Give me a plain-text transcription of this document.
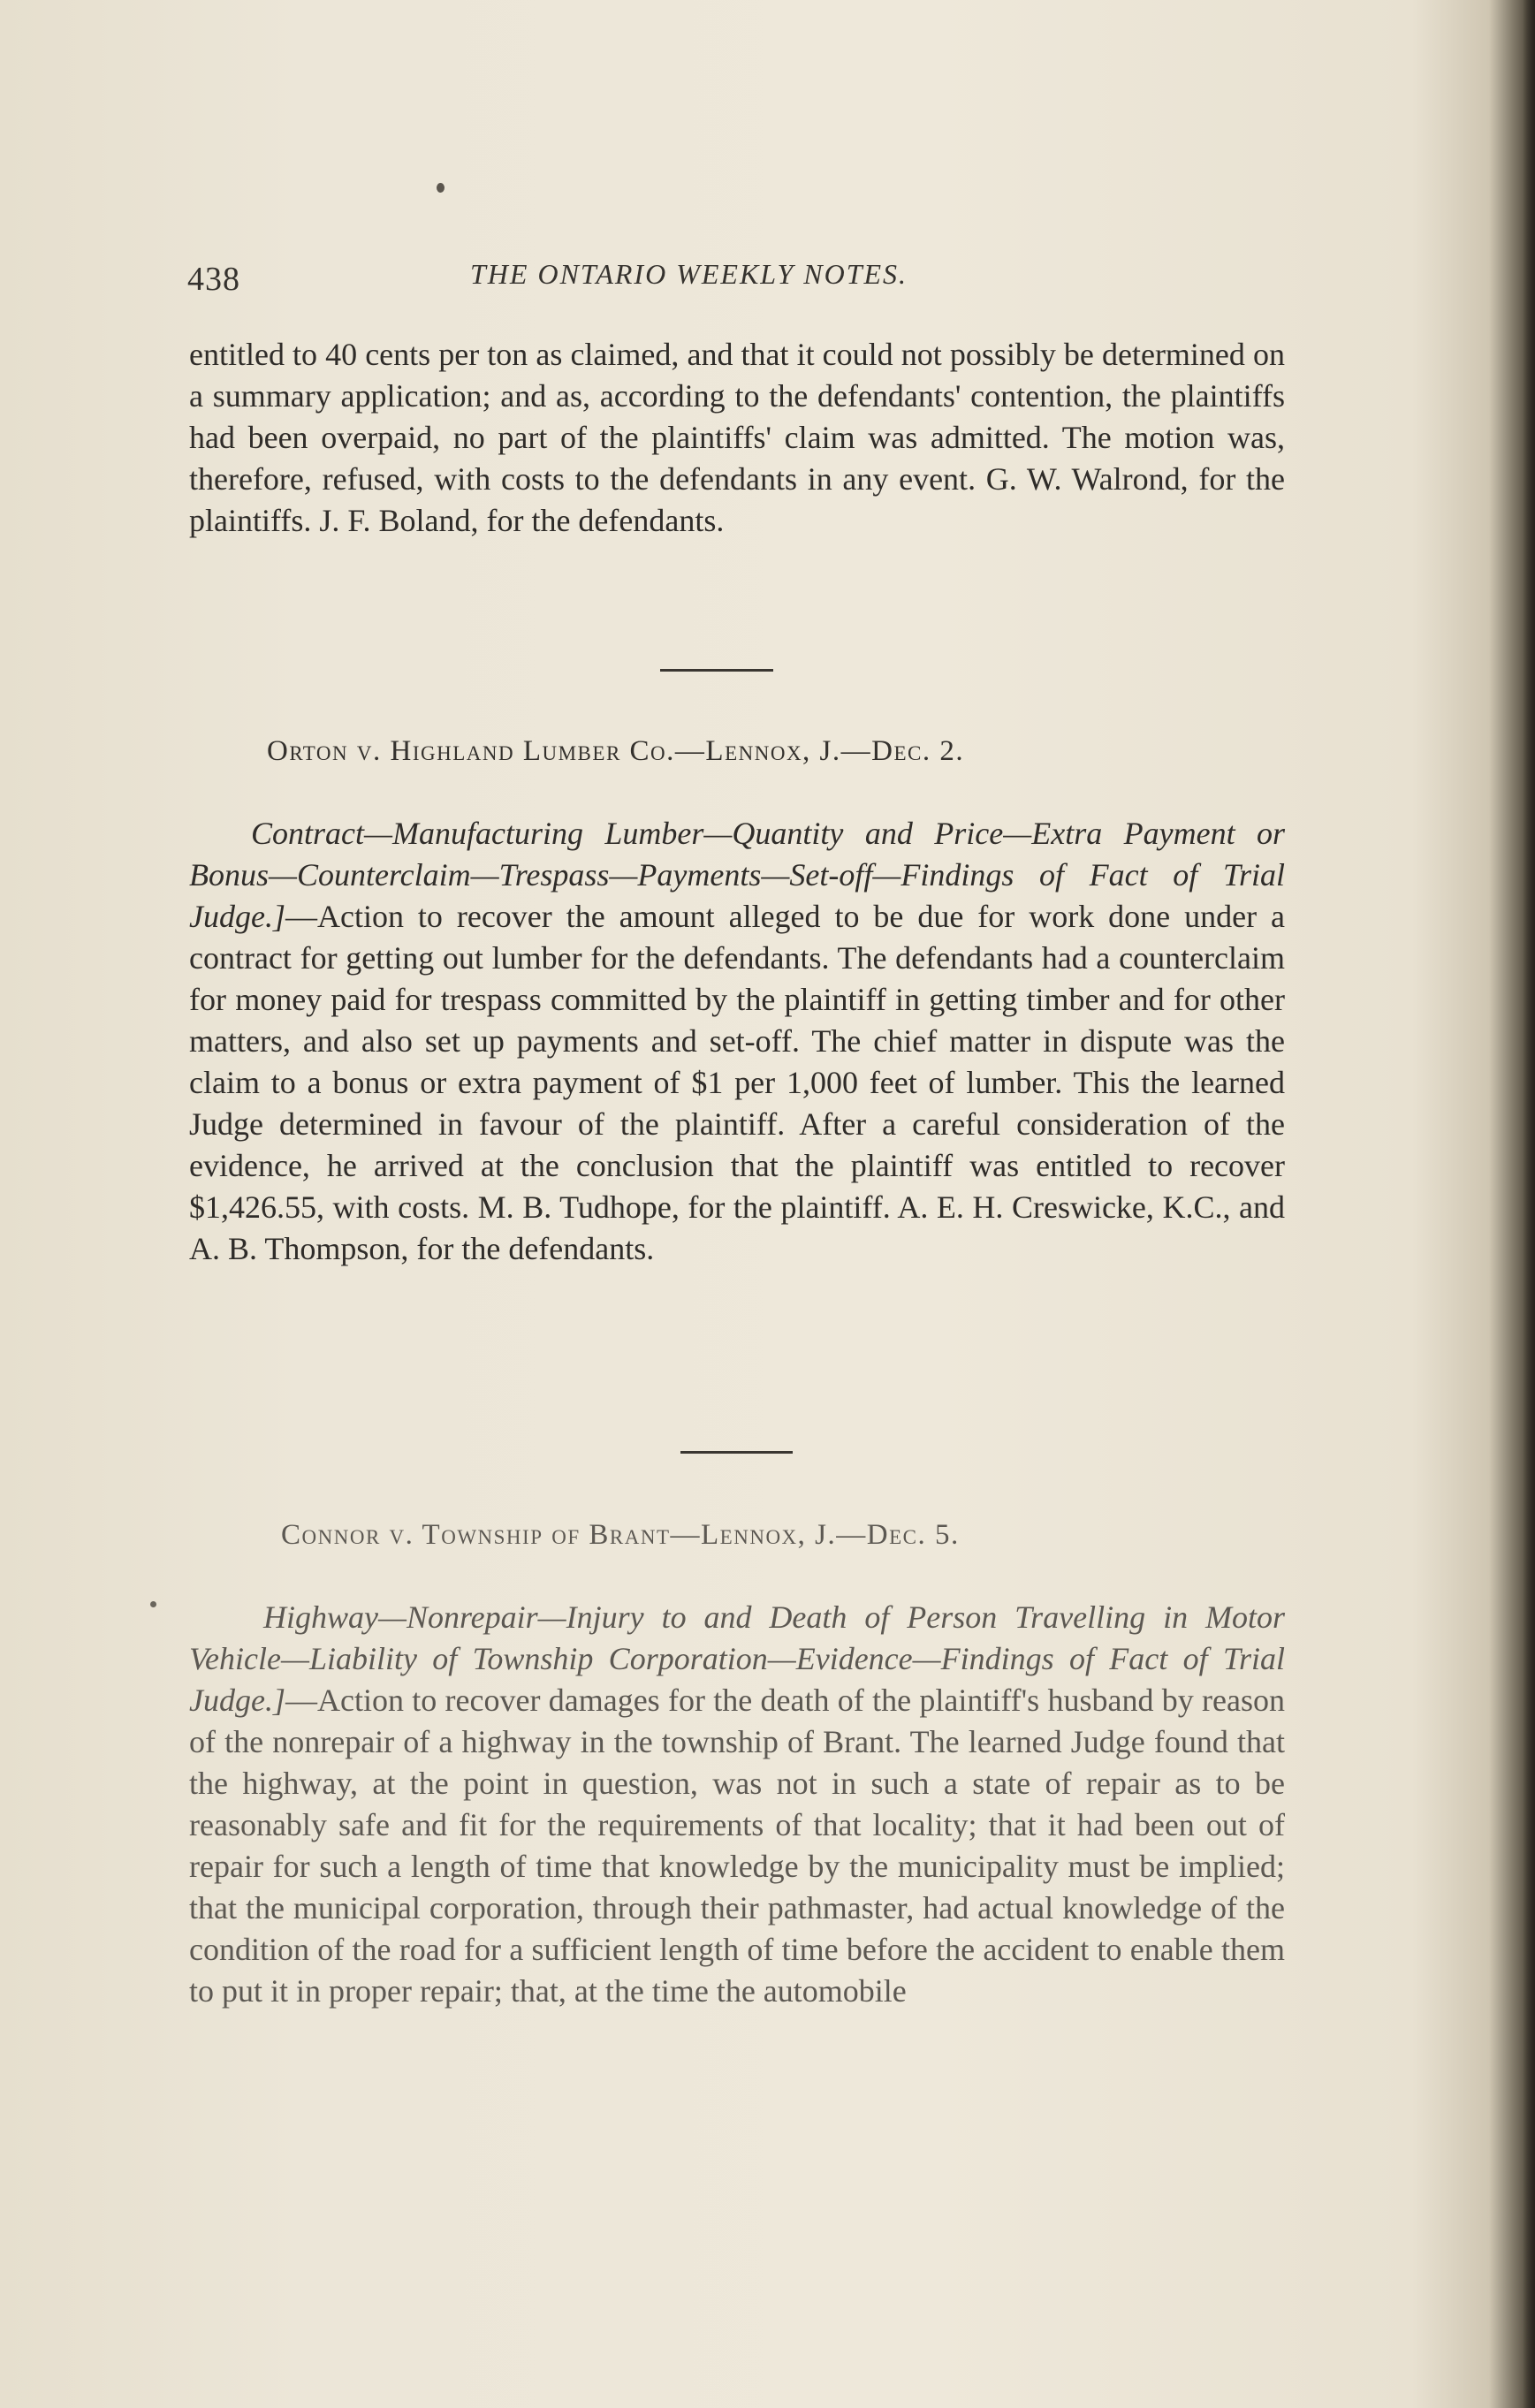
438	THE ONTARIO WEEKLY NOTES.

entitled to 40 cents per ton as claimed, and that it could not possibly be determined on a summary application; and as, according to the defendants' contention, the plaintiffs had been overpaid, no part of the plaintiffs' claim was admitted. The motion was, therefore, refused, with costs to the defendants in any event. G. W. Walrond, for the plaintiffs. J. F. Boland, for the defendants.

Orton v. Highland Lumber Co.—Lennox, J.—Dec. 2.

Contract—Manufacturing Lumber—Quantity and Price—Extra Payment or Bonus—Counterclaim—Trespass—Payments—Set-off—Findings of Fact of Trial Judge.]—Action to recover the amount alleged to be due for work done under a contract for getting out lumber for the defendants. The defendants had a counterclaim for money paid for trespass committed by the plaintiff in getting timber and for other matters, and also set up payments and set-off. The chief matter in dispute was the claim to a bonus or extra payment of $1 per 1,000 feet of lumber. This the learned Judge determined in favour of the plaintiff. After a careful consideration of the evidence, he arrived at the conclusion that the plaintiff was entitled to recover $1,426.55, with costs. M. B. Tudhope, for the plaintiff. A. E. H. Creswicke, K.C., and A. B. Thompson, for the defendants.

Connor v. Township of Brant—Lennox, J.—Dec. 5.

Highway—Nonrepair—Injury to and Death of Person Travelling in Motor Vehicle—Liability of Township Corporation—Evidence—Findings of Fact of Trial Judge.]—Action to recover damages for the death of the plaintiff's husband by reason of the nonrepair of a highway in the township of Brant. The learned Judge found that the highway, at the point in question, was not in such a state of repair as to be reasonably safe and fit for the requirements of that locality; that it had been out of repair for such a length of time that knowledge by the municipality must be implied; that the municipal corporation, through their pathmaster, had actual knowledge of the condition of the road for a sufficient length of time before the accident to enable them to put it in proper repair; that, at the time the automobile
